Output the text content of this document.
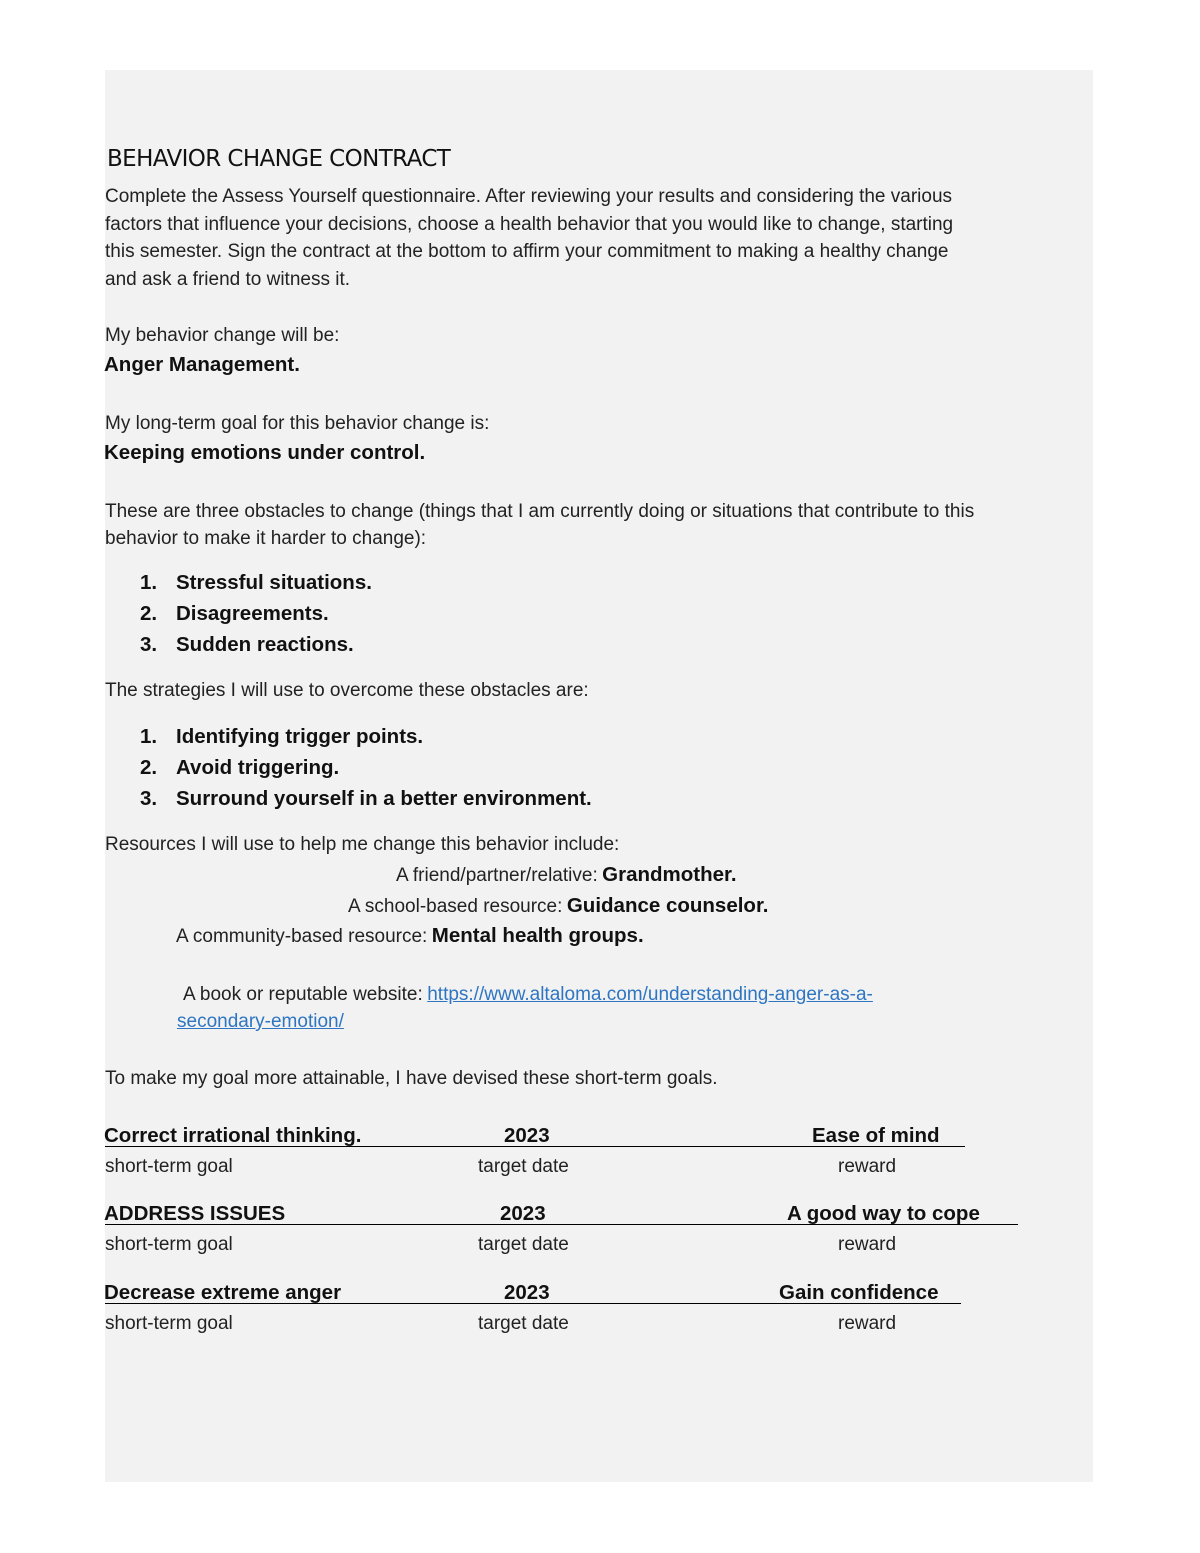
BEHAVIOR CHANGE CONTRACT
Complete the Assess Yourself questionnaire. After reviewing your results and considering the various
factors that influence your decisions, choose a health behavior that you would like to change, starting
this semester. Sign the contract at the bottom to affirm your commitment to making a healthy change
and ask a friend to witness it.
My behavior change will be:
Anger Management.
My long-term goal for this behavior change is:
Keeping emotions under control.
These are three obstacles to change (things that I am currently doing or situations that contribute to this
behavior to make it harder to change):
1. Stressful situations.
2. Disagreements.
3. Sudden reactions.
The strategies I will use to overcome these obstacles are:
1. Identifying trigger points.
2. Avoid triggering.
3. Surround yourself in a better environment.
Resources I will use to help me change this behavior include:
A friend/partner/relative: Grandmother.
A school-based resource: Guidance counselor.
A community-based resource: Mental health groups.
A book or reputable website: https://www.altaloma.com/understanding-anger-as-a-
secondary-emotion/
To make my goal more attainable, I have devised these short-term goals.
Correct irrational thinking.	2023	Ease of mind
short-term goal	target date	reward
ADDRESS ISSUES	2023	A good way to cope
short-term goal	target date	reward
Decrease extreme anger	2023	Gain confidence
short-term goal	target date	reward
